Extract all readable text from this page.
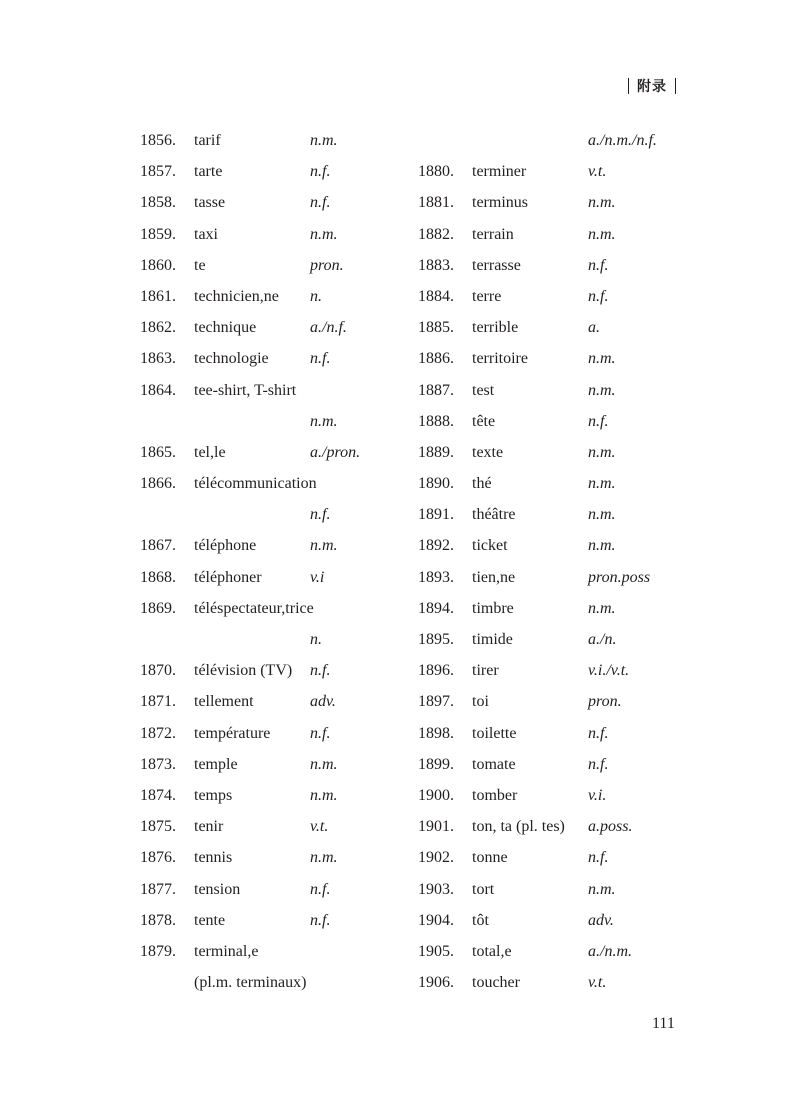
附录
1856. tarif	n.m.
1857. tarte	n.f.
1858. tasse	n.f.
1859. taxi	n.m.
1860. te	pron.
1861. technicien,ne n.
1862. technique	a./n.f.
1863. technologie	n.f.
1864. tee-shirt, T-shirt
n.m.
1865. tel,le	a./pron.
1866. télécommunication
n.f.
1867. téléphone	n.m.
1868. téléphoner	v.i
1869. téléspectateur,trice
n.
1870. télévision (TV) n.f.
1871. tellement	adv.
1872. température n.f.
1873. temple	n.m.
1874. temps	n.m.
1875. tenir	v.t.
1876. tennis	n.m.
1877. tension	n.f.
1878. tente	n.f.
1879. terminal,e
(pl.m. terminaux)
a./n.m./n.f.
1880. terminer	v.t.
1881. terminus	n.m.
1882. terrain	n.m.
1883. terrasse	n.f.
1884. terre	n.f.
1885. terrible	a.
1886. territoire	n.m.
1887. test	n.m.
1888. tête	n.f.
1889. texte	n.m.
1890. thé	n.m.
1891. théâtre	n.m.
1892. ticket	n.m.
1893. tien,ne	pron.poss
1894. timbre	n.m.
1895. timide	a./n.
1896. tirer	v.i./v.t.
1897. toi	pron.
1898. toilette	n.f.
1899. tomate	n.f.
1900. tomber	v.i.
1901. ton, ta (pl. tes) a.poss.
1902. tonne	n.f.
1903. tort	n.m.
1904. tôt	adv.
1905. total,e	a./n.m.
1906. toucher	v.t.
111
